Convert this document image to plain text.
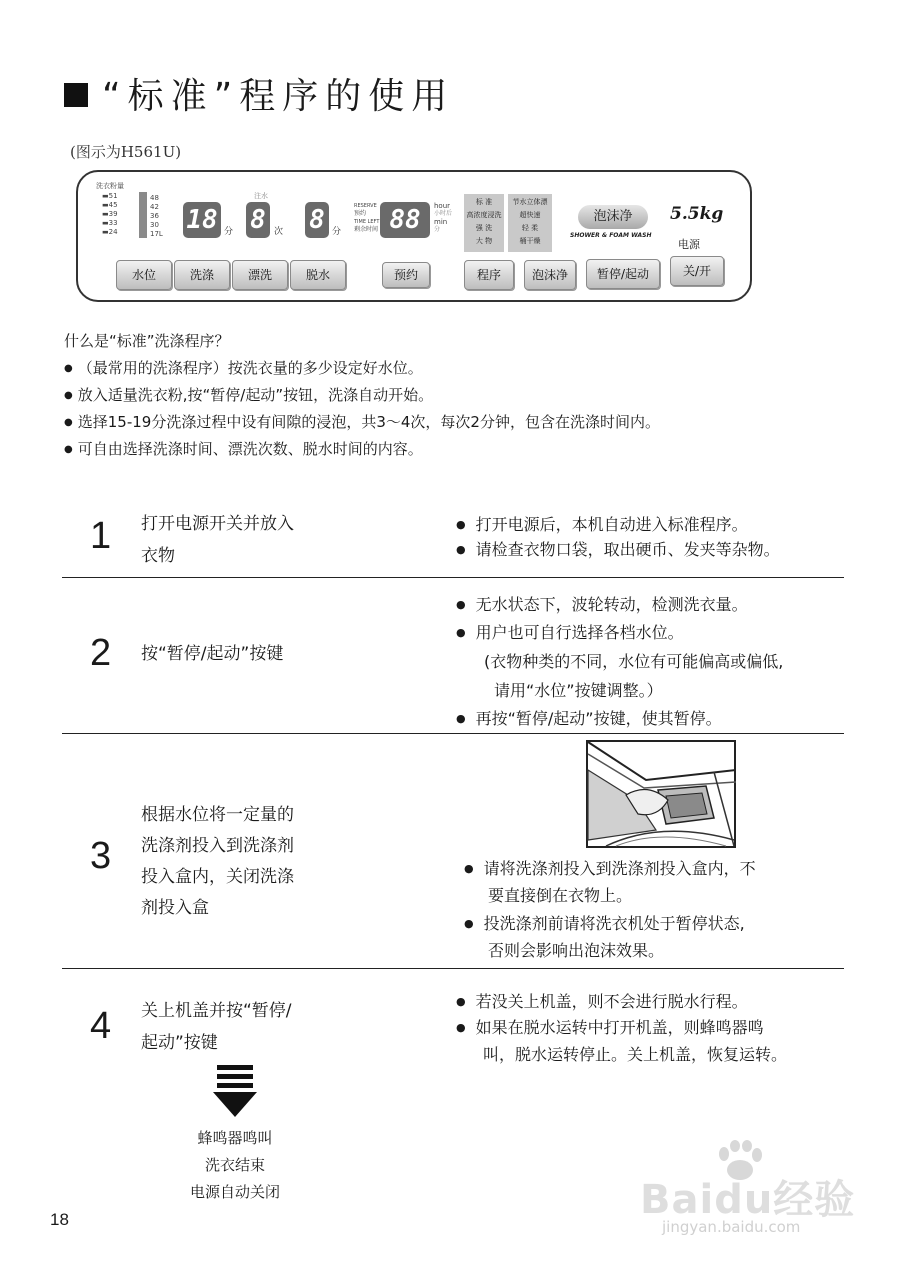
“标准”程序的使用
(图示为H561U)
洗衣粉量
▬51
▬45
▬39
▬33
▬24
48
42
36
30
17L 18 分
注水
8 次 8 分
RESERVE
预约
TIME LEFT
剩余时间 88	hour
小时后
min
分
标 准
高浓度浸洗
强 洗
大 物
节水立体漂
超快速
轻 柔
桶干燥
泡沫净
SHOWER & FOAM WASH
5.5kg
电源
水位	洗涤	漂洗	脱水	预约	程序	泡沫净	暂停/起动	关/开
什么是“标准”洗涤程序？
● （最常用的洗涤程序）按洗衣量的多少设定好水位。
● 放入适量洗衣粉,按“暂停/起动”按钮，洗涤自动开始。
● 选择15-19分洗涤过程中设有间隙的浸泡，共3～4次，每次2分钟，包含在洗涤时间内。
● 可自由选择洗涤时间、漂洗次数、脱水时间的内容。
1 打开电源开关并放入
衣物
● 打开电源后，本机自动进入标准程序。
● 请检查衣物口袋，取出硬币、发夹等杂物。
2 按“暂停/起动”按键
● 无水状态下，波轮转动，检测洗衣量。
● 用户也可自行选择各档水位。
(衣物种类的不同，水位有可能偏高或偏低,
请用“水位”按键调整。）
● 再按“暂停/起动”按键，使其暂停。
3
根据水位将一定量的
洗涤剂投入到洗涤剂
投入盒内，关闭洗涤
剂投入盒
● 请将洗涤剂投入到洗涤剂投入盒内，不
要直接倒在衣物上。
● 投洗涤剂前请将洗衣机处于暂停状态,
否则会影响出泡沫效果。
4 关上机盖并按“暂停/
起动”按键
● 若没关上机盖，则不会进行脱水行程。
● 如果在脱水运转中打开机盖，则蜂鸣器鸣
叫，脱水运转停止。关上机盖，恢复运转。
蜂鸣器鸣叫
洗衣结束
电源自动关闭
18	Baidu经验
jingyan.baidu.com
